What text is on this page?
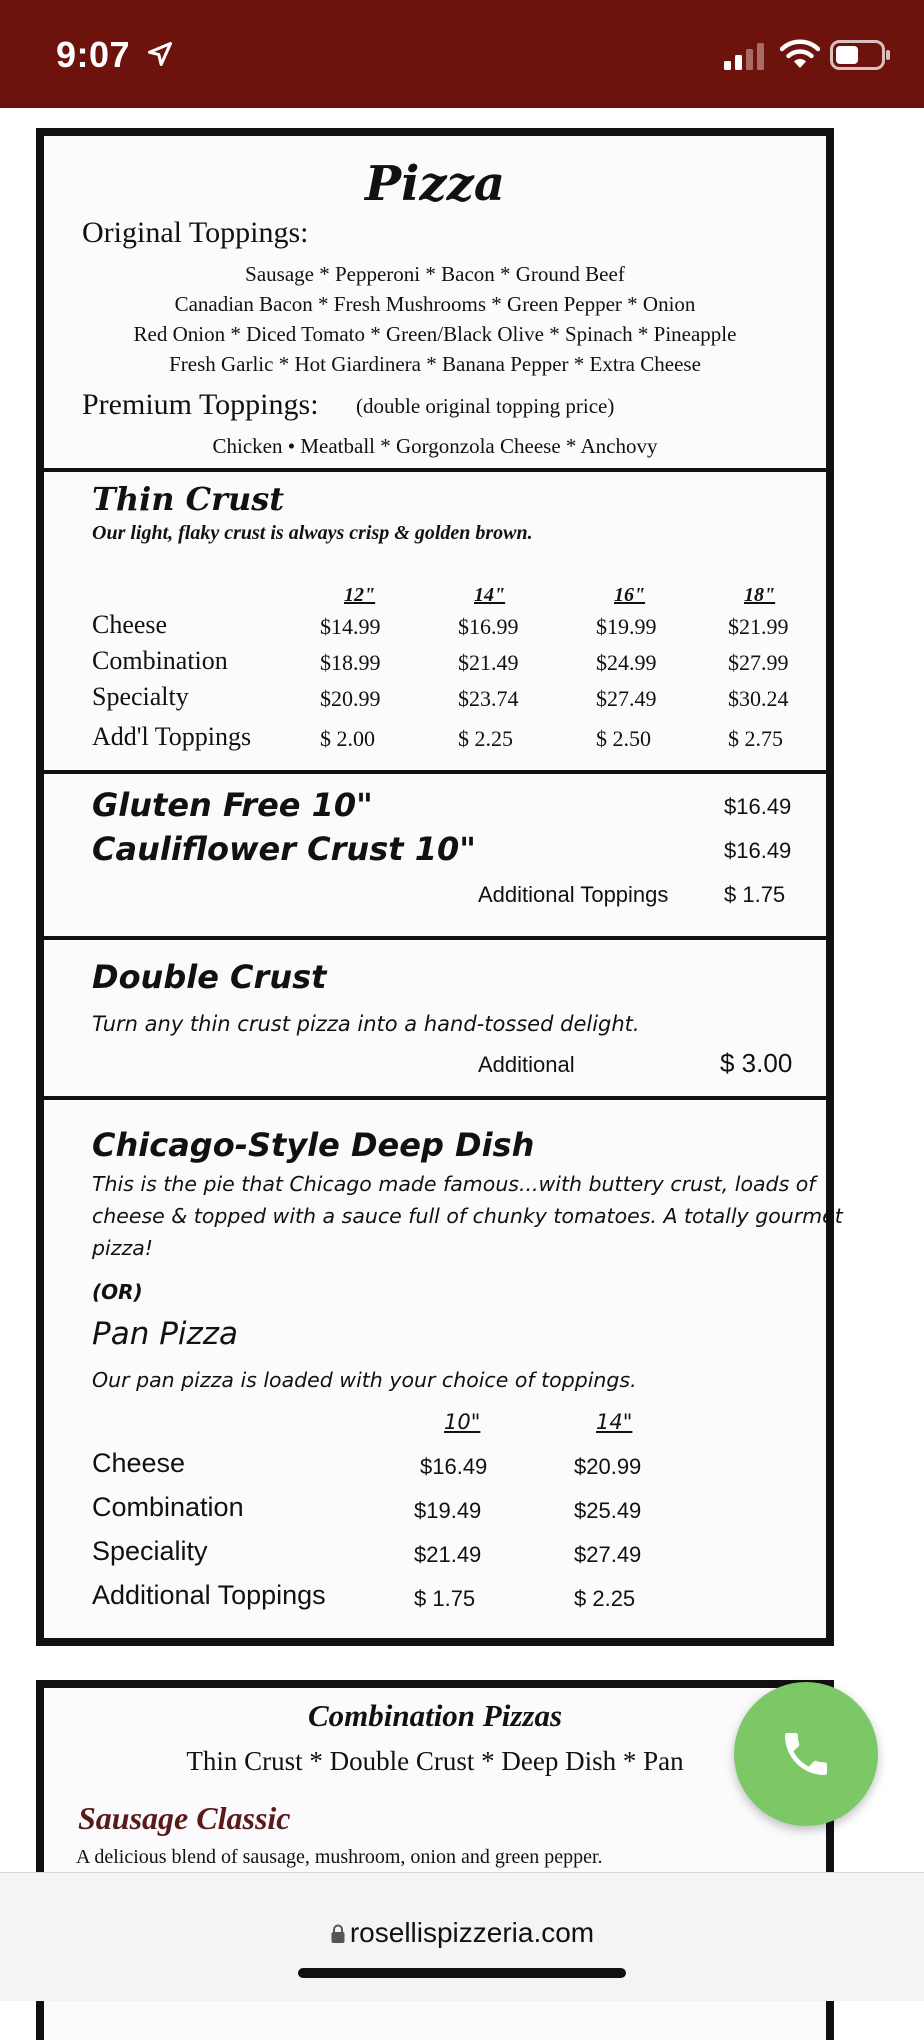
9:07
Pizza
Original Toppings:
Sausage * Pepperoni * Bacon * Ground Beef
Canadian Bacon * Fresh Mushrooms * Green Pepper * Onion
Red Onion * Diced Tomato * Green/Black Olive * Spinach * Pineapple
Fresh Garlic * Hot Giardinera * Banana Pepper * Extra Cheese
Premium Toppings: (double original topping price)
Chicken • Meatball * Gorgonzola Cheese * Anchovy
Thin Crust
Our light, flaky crust is always crisp & golden brown.
12"	14"	16"	18"
Cheese	$14.99	$16.99	$19.99	$21.99
Combination	$18.99	$21.49	$24.99	$27.99
Specialty	$20.99	$23.74	$27.49	$30.24
Add'l Toppings	$ 2.00	$ 2.25	$ 2.50	$ 2.75
Gluten Free 10"	$16.49
Cauliflower Crust 10"	$16.49
Additional Toppings	$ 1.75
Double Crust
Turn any thin crust pizza into a hand-tossed delight.
Additional	$ 3.00
Chicago-Style Deep Dish
This is the pie that Chicago made famous...with buttery crust, loads of
cheese & topped with a sauce full of chunky tomatoes. A totally gourmet
pizza!
(OR)
Pan Pizza
Our pan pizza is loaded with your choice of toppings.
10"	14"
Cheese	$16.49	$20.99
Combination	$19.49	$25.49
Speciality	$21.49	$27.49
Additional Toppings	$ 1.75	$ 2.25
Combination Pizzas
Thin Crust * Double Crust * Deep Dish * Pan
Sausage Classic
A delicious blend of sausage, mushroom, onion and green pepper.
rosellispizzeria.com
